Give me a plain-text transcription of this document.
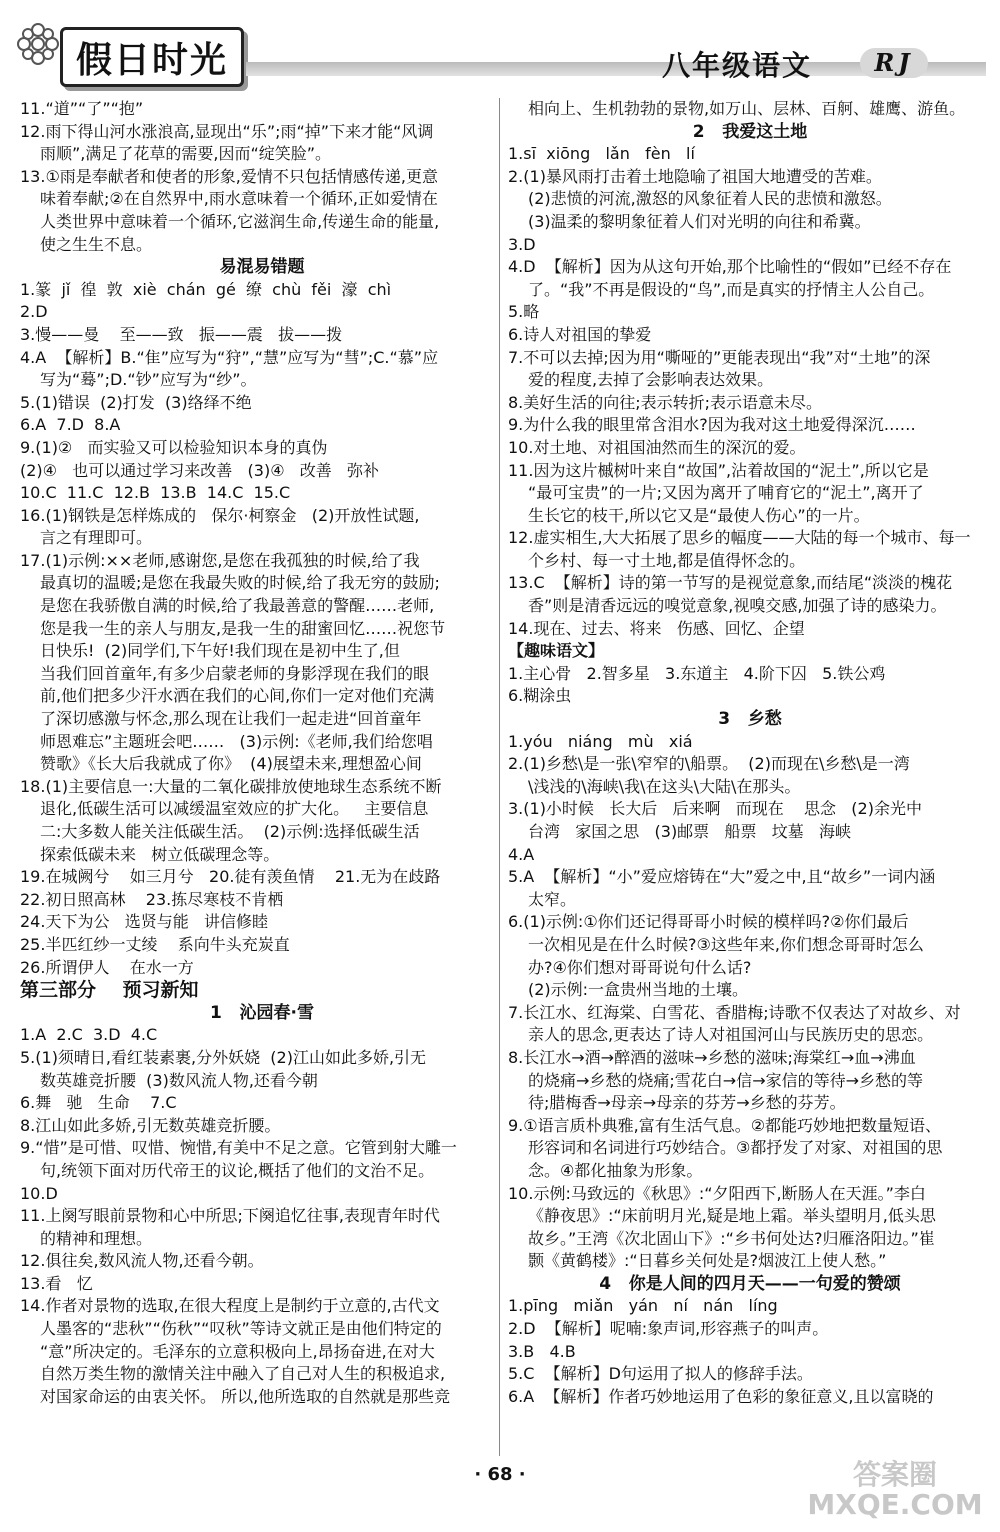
假日时光	八年级语文	RJ
11.“道”“了”“抱”
12.雨下得山河水涨浪高,显现出“乐”;雨“掉”下来才能“风调
雨顺”,满足了花草的需要,因而“绽笑脸”。
13.①雨是奉献者和使者的形象,爱情不只包括情感传递,更意
味着奉献;②在自然界中,雨水意味着一个循环,正如爱情在
人类世界中意味着一个循环,它滋润生命,传递生命的能量,
使之生生不息。
易混易错题
1.篆  jǐ  徨  敦  xiè  chán  gé  缭  chù  fěi  濠  chì
2.D
3.慢——曼    至——致   振——震   拔——拨
4.A  【解析】B.“隹”应写为“狩”,“慧”应写为“彗”;C.“慕”应
写为“蓦”;D.“钞”应写为“纱”。
5.(1)错误  (2)打发  (3)络绎不绝
6.A  7.D  8.A
9.(1)②   而实验又可以检验知识本身的真伪
(2)④   也可以通过学习来改善   (3)④   改善   弥补
10.C  11.C  12.B  13.B  14.C  15.C
16.(1)钢铁是怎样炼成的   保尔·柯察金   (2)开放性试题,
言之有理即可。
17.(1)示例:××老师,感谢您,是您在我孤独的时候,给了我
最真切的温暖;是您在我最失败的时候,给了我无穷的鼓励;
是您在我骄傲自满的时候,给了我最善意的警醒……老师,
您是我一生的亲人与朋友,是我一生的甜蜜回忆……祝您节
日快乐!  (2)同学们,下午好!我们现在是初中生了,但
当我们回首童年,有多少启蒙老师的身影浮现在我们的眼
前,他们把多少汗水洒在我们的心间,你们一定对他们充满
了深切感激与怀念,那么现在让我们一起走进“回首童年
师恩难忘”主题班会吧……   (3)示例:《老师,我们给您唱
赞歌》《长大后我就成了你》  (4)展望未来,理想盈心间
18.(1)主要信息一:大量的二氧化碳排放使地球生态系统不断
退化,低碳生活可以减缓温室效应的扩大化。   主要信息
二:大多数人能关注低碳生活。  (2)示例:选择低碳生活
探索低碳未来   树立低碳理念等。
19.在城阙兮    如三月兮   20.徒有羡鱼情    21.无为在歧路
22.初日照高林    23.拣尽寒枝不肯栖
24.天下为公   选贤与能   讲信修睦
25.半匹红纱一丈绫    系向牛头充炭直
26.所谓伊人    在水一方
第三部分    预习新知
1   沁园春·雪
1.A  2.C  3.D  4.C
5.(1)须晴日,看红装素裹,分外妖娆  (2)江山如此多娇,引无
数英雄竞折腰  (3)数风流人物,还看今朝
6.舞   驰   生命    7.C
8.江山如此多娇,引无数英雄竞折腰。
9.“惜”是可惜、叹惜、惋惜,有美中不足之意。它管到射大雕一
句,统领下面对历代帝王的议论,概括了他们的文治不足。
10.D
11.上阕写眼前景物和心中所思;下阕追忆往事,表现青年时代
的精神和理想。
12.俱往矣,数风流人物,还看今朝。
13.看   忆
14.作者对景物的选取,在很大程度上是制约于立意的,古代文
人墨客的“悲秋”“伤秋”“叹秋”等诗文就正是由他们特定的
“意”所决定的。毛泽东的立意积极向上,昂扬奋进,在对大
自然万类生物的激情关注中融入了自己对人生的积极追求,
对国家命运的由衷关怀。 所以,他所选取的自然就是那些竞
相向上、生机勃勃的景物,如万山、层林、百舸、雄鹰、游鱼。
2   我爱这土地
1.sī  xiōng   lǎn   fèn   lí
2.(1)暴风雨打击着土地隐喻了祖国大地遭受的苦难。
(2)悲愤的河流,激怒的风象征着人民的悲愤和激怒。
(3)温柔的黎明象征着人们对光明的向往和希冀。
3.D
4.D  【解析】因为从这句开始,那个比喻性的“假如”已经不存在
了。“我”不再是假设的“鸟”,而是真实的抒情主人公自己。
5.略
6.诗人对祖国的挚爱
7.不可以去掉;因为用“嘶哑的”更能表现出“我”对“土地”的深
爱的程度,去掉了会影响表达效果。
8.美好生活的向往;表示转折;表示语意未尽。
9.为什么我的眼里常含泪水?因为我对这土地爱得深沉……
10.对土地、对祖国油然而生的深沉的爱。
11.因为这片槭树叶来自“故国”,沾着故国的“泥土”,所以它是
“最可宝贵”的一片;又因为离开了哺育它的“泥土”,离开了
生长它的枝干,所以它又是“最使人伤心”的一片。
12.虚实相生,大大拓展了思乡的幅度——大陆的每一个城市、每一
个乡村、每一寸土地,都是值得怀念的。
13.C  【解析】诗的第一节写的是视觉意象,而结尾“淡淡的槐花
香”则是清香远远的嗅觉意象,视嗅交感,加强了诗的感染力。
14.现在、过去、将来   伤感、回忆、企望
【趣味语文】
1.主心骨   2.智多星   3.东道主   4.阶下囚   5.铁公鸡
6.糊涂虫
3   乡愁
1.yóu   niáng   mù   xiá
2.(1)乡愁\是一张\窄窄的\船票。  (2)而现在\乡愁\是一湾
\浅浅的\海峡\我\在这头\大陆\在那头。
3.(1)小时候   长大后   后来啊   而现在    思念   (2)余光中
台湾   家国之思   (3)邮票   船票   坟墓   海峡
4.A
5.A  【解析】“小”爱应熔铸在“大”爱之中,且“故乡”一词内涵
太窄。
6.(1)示例:①你们还记得哥哥小时候的模样吗?②你们最后
一次相见是在什么时候?③这些年来,你们想念哥哥时怎么
办?④你们想对哥哥说句什么话?
(2)示例:一盒贵州当地的土壤。
7.长江水、红海棠、白雪花、香腊梅;诗歌不仅表达了对故乡、对
亲人的思念,更表达了诗人对祖国河山与民族历史的思恋。
8.长江水→酒→醉酒的滋味→乡愁的滋味;海棠红→血→沸血
的烧痛→乡愁的烧痛;雪花白→信→家信的等待→乡愁的等
待;腊梅香→母亲→母亲的芬芳→乡愁的芬芳。
9.①语言质朴典雅,富有生活气息。②都能巧妙地把数量短语、
形容词和名词进行巧妙结合。③都抒发了对家、对祖国的思
念。④都化抽象为形象。
10.示例:马致远的《秋思》:“夕阳西下,断肠人在天涯。”李白
《静夜思》:“床前明月光,疑是地上霜。举头望明月,低头思
故乡。”王湾《次北固山下》:“乡书何处达?归雁洛阳边。”崔
颢《黄鹤楼》:“日暮乡关何处是?烟波江上使人愁。”
4   你是人间的四月天——一句爱的赞颂
1.pīng   miǎn   yán   ní   nán   líng
2.D  【解析】呢喃:象声词,形容燕子的叫声。
3.B   4.B
5.C  【解析】D句运用了拟人的修辞手法。
6.A  【解析】作者巧妙地运用了色彩的象征意义,且以富晓的
· 68 ·	答案圈
MXQE.COM
